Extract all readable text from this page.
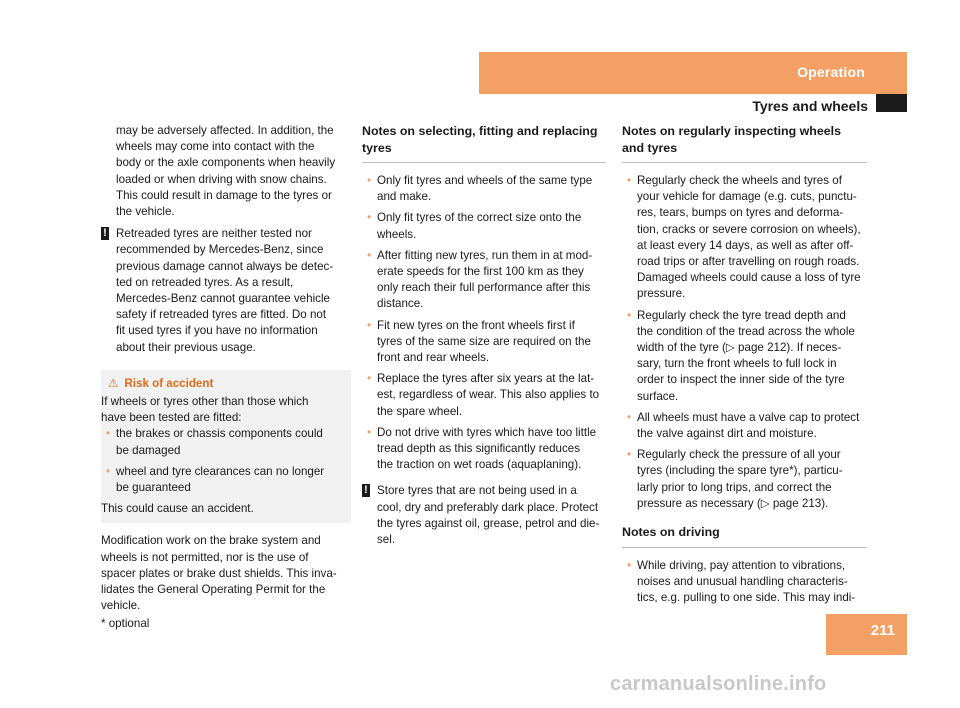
Operation
Tyres and wheels

may be adversely affected. In addition, the
wheels may come into contact with the
body or the axle components when heavily
loaded or when driving with snow chains.
This could result in damage to the tyres or
the vehicle.

! Retreaded tyres are neither tested nor
recommended by Mercedes-Benz, since
previous damage cannot always be detec-
ted on retreaded tyres. As a result,
Mercedes-Benz cannot guarantee vehicle
safety if retreaded tyres are fitted. Do not
fit used tyres if you have no information
about their previous usage.

⚠ Risk of accident

If wheels or tyres other than those which
have been tested are fitted:

• the brakes or chassis components could
be damaged
• wheel and tyre clearances can no longer
be guaranteed

This could cause an accident.

Modification work on the brake system and
wheels is not permitted, nor is the use of
spacer plates or brake dust shields. This inva-
lidates the General Operating Permit for the
vehicle.

Notes on selecting, fitting and replacing
tyres
• Only fit tyres and wheels of the same type
and make.
• Only fit tyres of the correct size onto the
wheels.
• After fitting new tyres, run them in at mod-
erate speeds for the first 100 km as they
only reach their full performance after this
distance.
• Fit new tyres on the front wheels first if
tyres of the same size are required on the
front and rear wheels.
• Replace the tyres after six years at the lat-
est, regardless of wear. This also applies to
the spare wheel.
• Do not drive with tyres which have too little
tread depth as this significantly reduces
the traction on wet roads (aquaplaning).
! Store tyres that are not being used in a
cool, dry and preferably dark place. Protect
the tyres against oil, grease, petrol and die-
sel.

Notes on regularly inspecting wheels
and tyres
• Regularly check the wheels and tyres of
your vehicle for damage (e.g. cuts, punctu-
res, tears, bumps on tyres and deforma-
tion, cracks or severe corrosion on wheels),
at least every 14 days, as well as after off-
road trips or after travelling on rough roads.
Damaged wheels could cause a loss of tyre
pressure.
• Regularly check the tyre tread depth and
the condition of the tread across the whole
width of the tyre (▷ page 212). If neces-
sary, turn the front wheels to full lock in
order to inspect the inner side of the tyre
surface.
• All wheels must have a valve cap to protect
the valve against dirt and moisture.
• Regularly check the pressure of all your
tyres (including the spare tyre*), particu-
larly prior to long trips, and correct the
pressure as necessary (▷ page 213).
Notes on driving
• While driving, pay attention to vibrations,
noises and unusual handling characteris-
tics, e.g. pulling to one side. This may indi-
* optional	211
carmanualsonline.info
